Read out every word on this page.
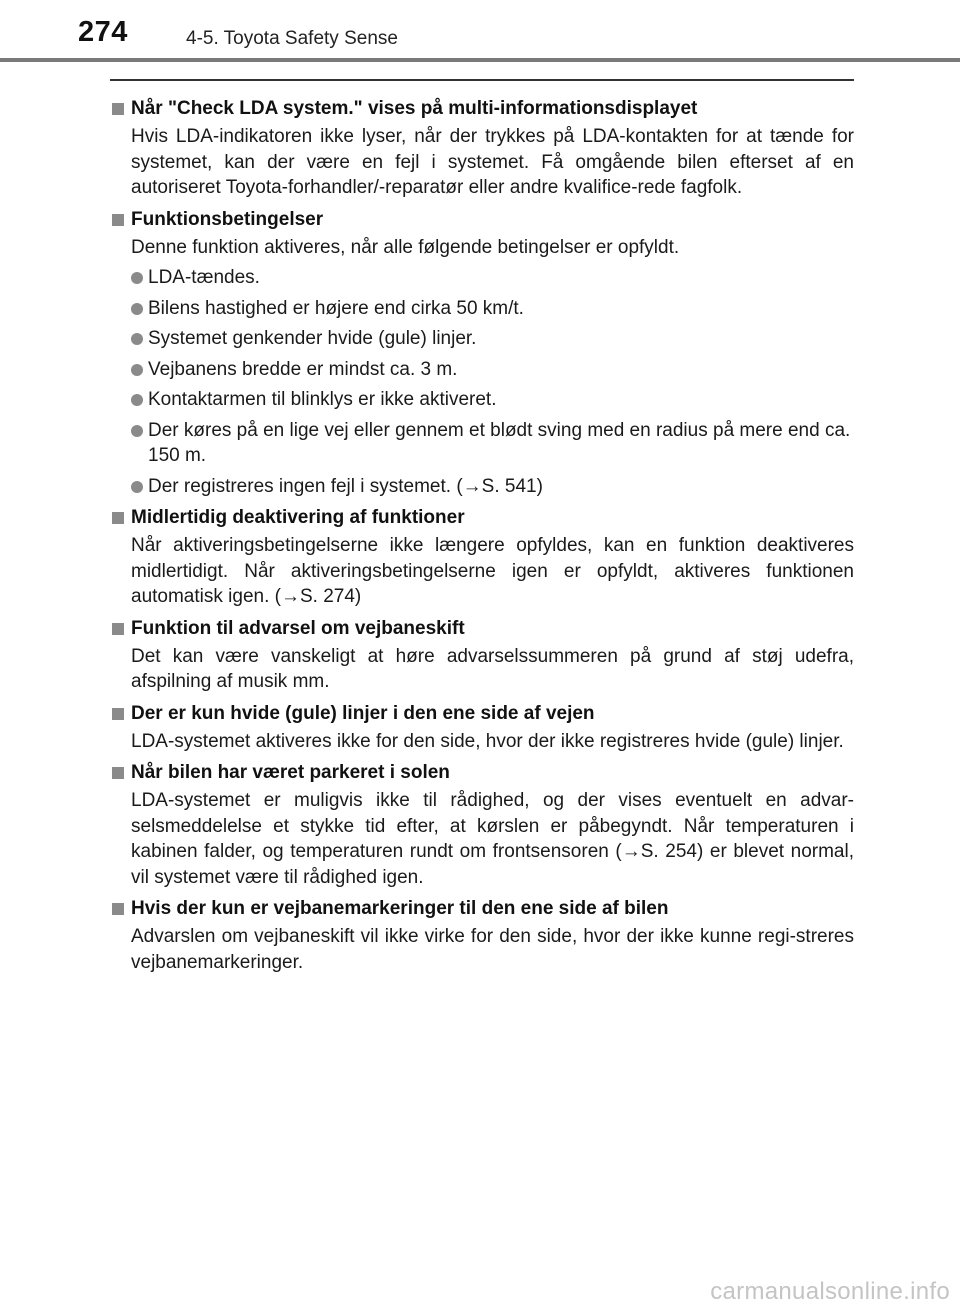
274	4-5. Toyota Safety Sense
Når "Check LDA system." vises på multi-informationsdisplayet
Hvis LDA-indikatoren ikke lyser, når der trykkes på LDA-kontakten for at tænde for systemet, kan der være en fejl i systemet. Få omgående bilen efterset af en autoriseret Toyota-forhandler/-reparatør eller andre kvalifice-rede fagfolk.
Funktionsbetingelser
Denne funktion aktiveres, når alle følgende betingelser er opfyldt.
LDA-tændes.
Bilens hastighed er højere end cirka 50 km/t.
Systemet genkender hvide (gule) linjer.
Vejbanens bredde er mindst ca. 3 m.
Kontaktarmen til blinklys er ikke aktiveret.
Der køres på en lige vej eller gennem et blødt sving med en radius på mere end ca. 150 m.
Der registreres ingen fejl i systemet. (→S. 541)
Midlertidig deaktivering af funktioner
Når aktiveringsbetingelserne ikke længere opfyldes, kan en funktion deaktiveres midlertidigt. Når aktiveringsbetingelserne igen er opfyldt, aktiveres funktionen automatisk igen. (→S. 274)
Funktion til advarsel om vejbaneskift
Det kan være vanskeligt at høre advarselssummeren på grund af støj udefra, afspilning af musik mm.
Der er kun hvide (gule) linjer i den ene side af vejen
LDA-systemet aktiveres ikke for den side, hvor der ikke registreres hvide (gule) linjer.
Når bilen har været parkeret i solen
LDA-systemet er muligvis ikke til rådighed, og der vises eventuelt en advar-selsmeddelelse et stykke tid efter, at kørslen er påbegyndt. Når temperaturen i kabinen falder, og temperaturen rundt om frontsensoren (→S. 254) er blevet normal, vil systemet være til rådighed igen.
Hvis der kun er vejbanemarkeringer til den ene side af bilen
Advarslen om vejbaneskift vil ikke virke for den side, hvor der ikke kunne regi-streres vejbanemarkeringer.
carmanualsonline.info
